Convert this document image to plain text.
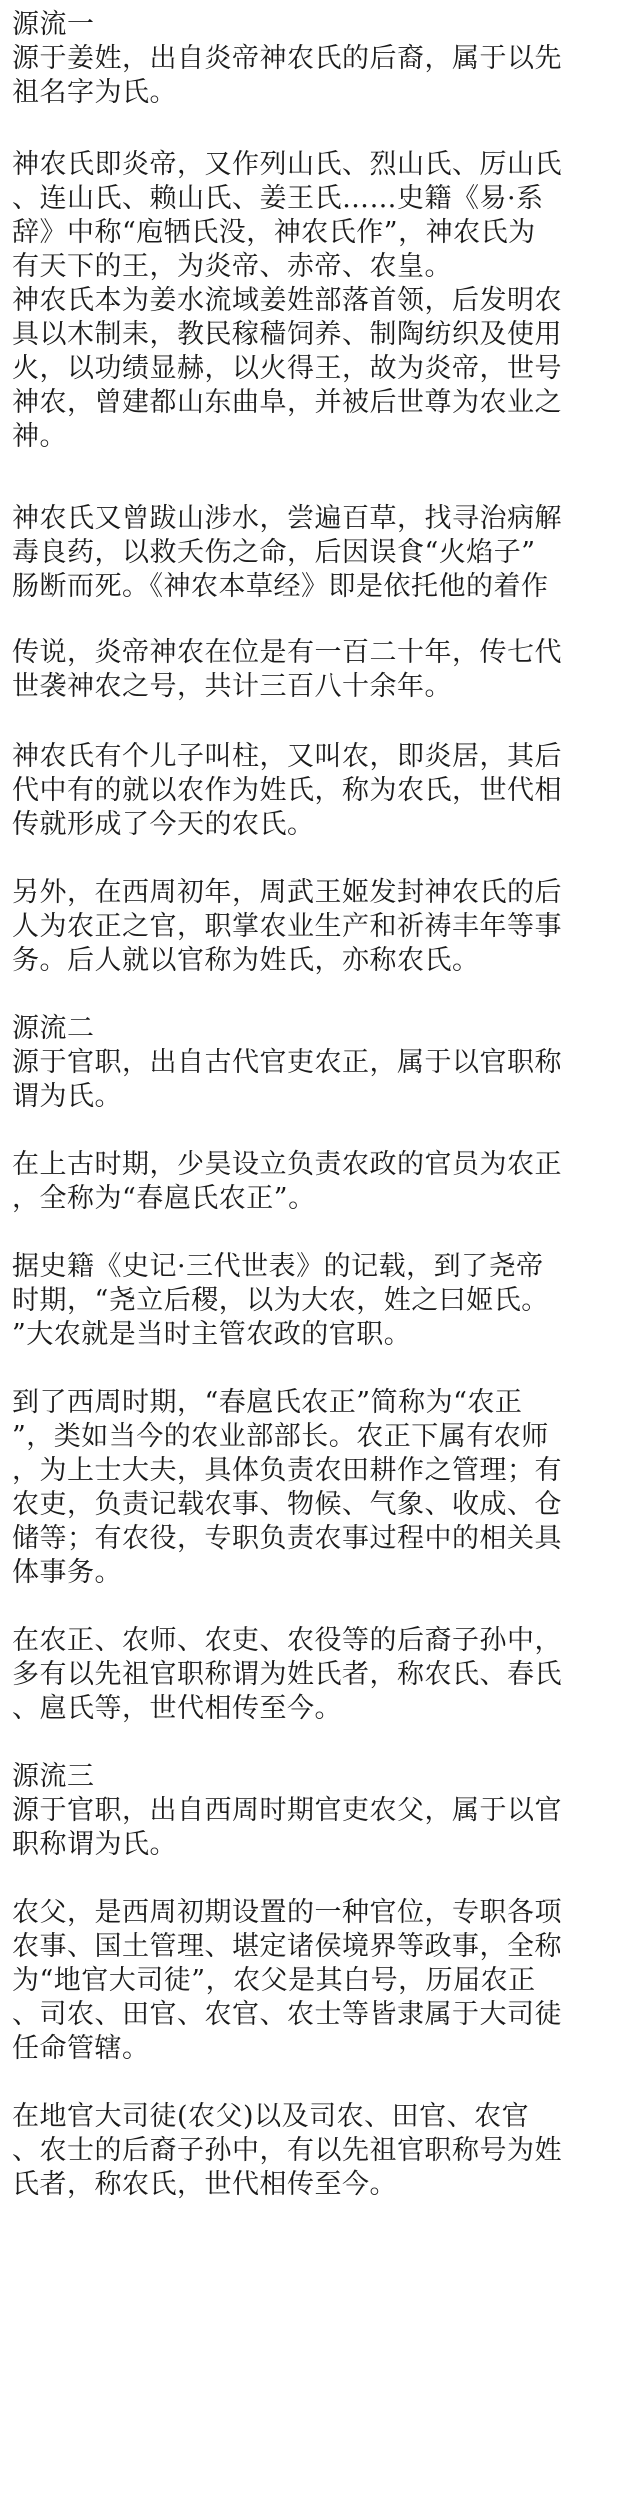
源流一
源于姜姓，出自炎帝神农氏的后裔，属于以先
祖名字为氏。
神农氏即炎帝，又作列山氏、烈山氏、厉山氏
、连山氏、赖山氏、姜王氏……史籍《易·系
辞》中称“庖牺氏没，神农氏作”，神农氏为
有天下的王，为炎帝、赤帝、农皇。
神农氏本为姜水流域姜姓部落首领，后发明农
具以木制耒，教民稼穑饲养、制陶纺织及使用
火，以功绩显赫，以火得王，故为炎帝，世号
神农，曾建都山东曲阜，并被后世尊为农业之
神。
神农氏又曾跋山涉水，尝遍百草，找寻治病解
毒良药，以救夭伤之命，后因误食“火焰子”
肠断而死。《神农本草经》即是依托他的着作
传说，炎帝神农在位是有一百二十年，传七代
世袭神农之号，共计三百八十余年。
神农氏有个儿子叫柱，又叫农，即炎居，其后
代中有的就以农作为姓氏，称为农氏，世代相
传就形成了今天的农氏。
另外，在西周初年，周武王姬发封神农氏的后
人为农正之官，职掌农业生产和祈祷丰年等事
务。后人就以官称为姓氏，亦称农氏。
源流二
源于官职，出自古代官吏农正，属于以官职称
谓为氏。
在上古时期，少昊设立负责农政的官员为农正
，全称为“春扈氏农正”。
据史籍《史记·三代世表》的记载，到了尧帝
时期，“尧立后稷，以为大农，姓之曰姬氏。
”大农就是当时主管农政的官职。
到了西周时期，“春扈氏农正”简称为“农正
”，类如当今的农业部部长。农正下属有农师
，为上士大夫，具体负责农田耕作之管理；有
农吏，负责记载农事、物候、气象、收成、仓
储等；有农役，专职负责农事过程中的相关具
体事务。
在农正、农师、农吏、农役等的后裔子孙中，
多有以先祖官职称谓为姓氏者，称农氏、春氏
、扈氏等，世代相传至今。
源流三
源于官职，出自西周时期官吏农父，属于以官
职称谓为氏。
农父，是西周初期设置的一种官位，专职各项
农事、国土管理、堪定诸侯境界等政事，全称
为“地官大司徒”，农父是其白号，历届农正
、司农、田官、农官、农士等皆隶属于大司徒
任命管辖。
在地官大司徒(农父)以及司农、田官、农官
、农士的后裔子孙中，有以先祖官职称号为姓
氏者，称农氏，世代相传至今。
